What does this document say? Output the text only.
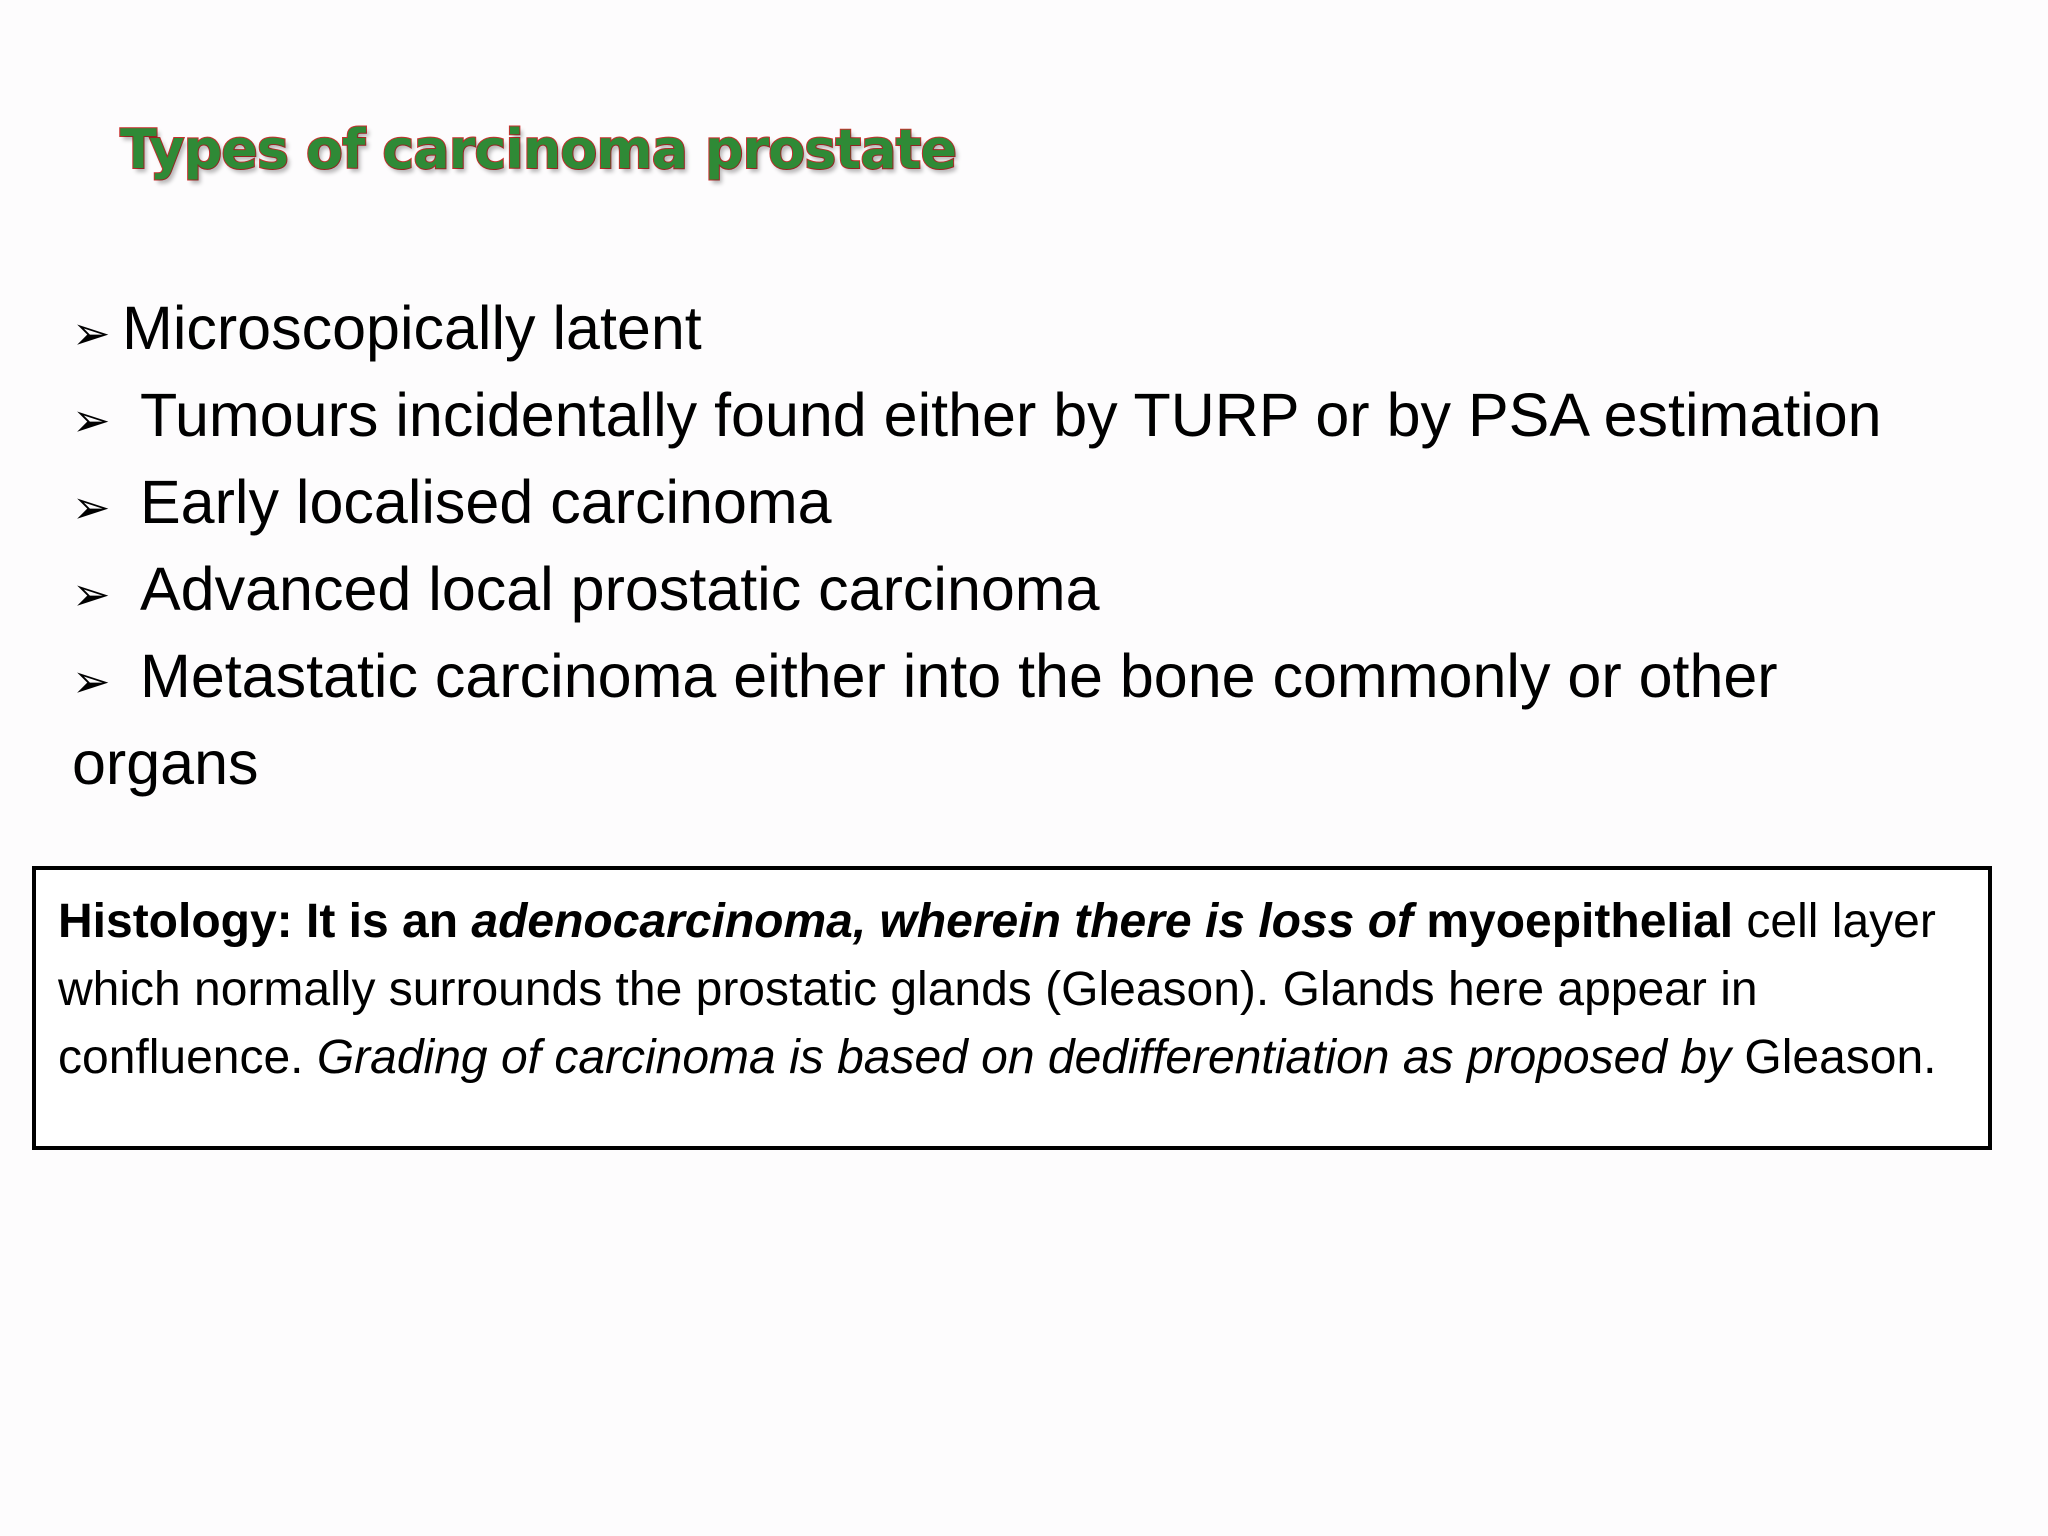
Types of carcinoma prostate
➢ Microscopically latent
➢ Tumours incidentally found either by TURP or by PSA estimation
➢ Early localised carcinoma
➢ Advanced local prostatic carcinoma
➢ Metastatic carcinoma either into the bone commonly or other
organs

Histology: It is an adenocarcinoma, wherein there is loss of myoepithelial cell layer which normally surrounds the prostatic glands (Gleason). Glands here appear in confluence. Grading of carcinoma is based on dedifferentiation as proposed by Gleason.
